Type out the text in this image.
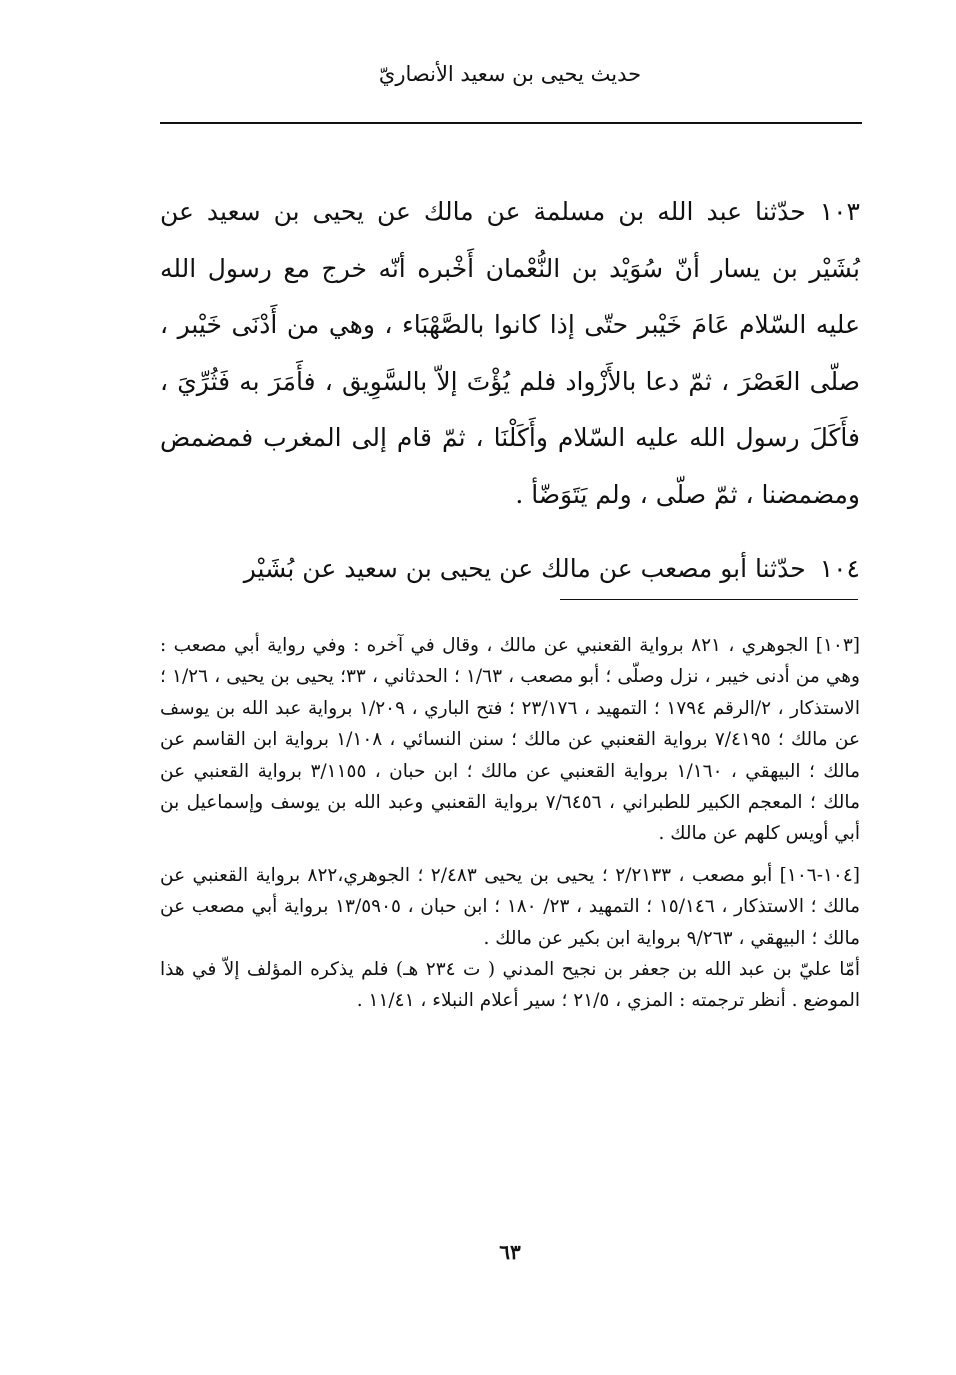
حديث يحيى بن سعيد الأنصاريّ

١٠٣حدّثنا عبد الله بن مسلمة عن مالك عن يحيى بن سعيد عن بُشَيْر بن يسار أنّ سُوَيْد بن النُّعْمان أَخْبره أنّه خرج مع رسول الله عليه السّلام عَامَ خَيْبر حتّى إذا كانوا بالصَّهْبَاء ، وهي من أَدْنَى خَيْبر ، صلّى العَصْرَ ، ثمّ دعا بالأَزْواد فلم يُؤْتَ إلاّ بالسَّوِيق ، فأَمَرَ به فَثُرِّيَ ، فأَكَلَ رسول الله عليه السّلام وأَكَلْنَا ، ثمّ قام إلى المغرب فمضمض ومضمضنا ، ثمّ صلّى ، ولم يَتَوَضّأ .

١٠٤حدّثنا أبو مصعب عن مالك عن يحيى بن سعيد عن بُشَيْر

[١٠٣] الجوهري ، ٨٢١ برواية القعنبي عن مالك ، وقال في آخره : وفي رواية أبي مصعب : وهي من أدنى خيبر ، نزل وصلّى ؛ أبو مصعب ، ١/٦٣ ؛ الحدثاني ، ٣٣؛ يحيى بن يحيى ، ١/٢٦ ؛ الاستذكار ، ٢/الرقم ١٧٩٤ ؛ التمهيد ، ٢٣/١٧٦ ؛ فتح الباري ، ١/٢٠٩ برواية عبد الله بن يوسف عن مالك ؛ ٧/٤١٩٥ برواية القعنبي عن مالك ؛ سنن النسائي ، ١/١٠٨ برواية ابن القاسم عن مالك ؛ البيهقي ، ١/١٦٠ برواية القعنبي عن مالك ؛ ابن حبان ، ٣/١١٥٥ برواية القعنبي عن مالك ؛ المعجم الكبير للطبراني ، ٧/٦٤٥٦ برواية القعنبي وعبد الله بن يوسف وإسماعيل بن أبي أويس كلهم عن مالك .

[١٠٤-١٠٦] أبو مصعب ، ٢/٢١٣٣ ؛ يحيى بن يحيى ٢/٤٨٣ ؛ الجوهري،٨٢٢ برواية القعنبي عن مالك ؛ الاستذكار ، ١٥/١٤٦ ؛ التمهيد ، ٢٣/ ١٨٠ ؛ ابن حبان ، ١٣/٥٩٠٥ برواية أبي مصعب عن مالك ؛ البيهقي ، ٩/٢٦٣ برواية ابن بكير عن مالك .

أمّا عليّ بن عبد الله بن جعفر بن نجيح المدني ( ت ٢٣٤ هـ) فلم يذكره المؤلف إلاّ في هذا الموضع . أنظر ترجمته : المزي ، ٢١/٥ ؛ سير أعلام النبلاء ، ١١/٤١ .

٦٣
